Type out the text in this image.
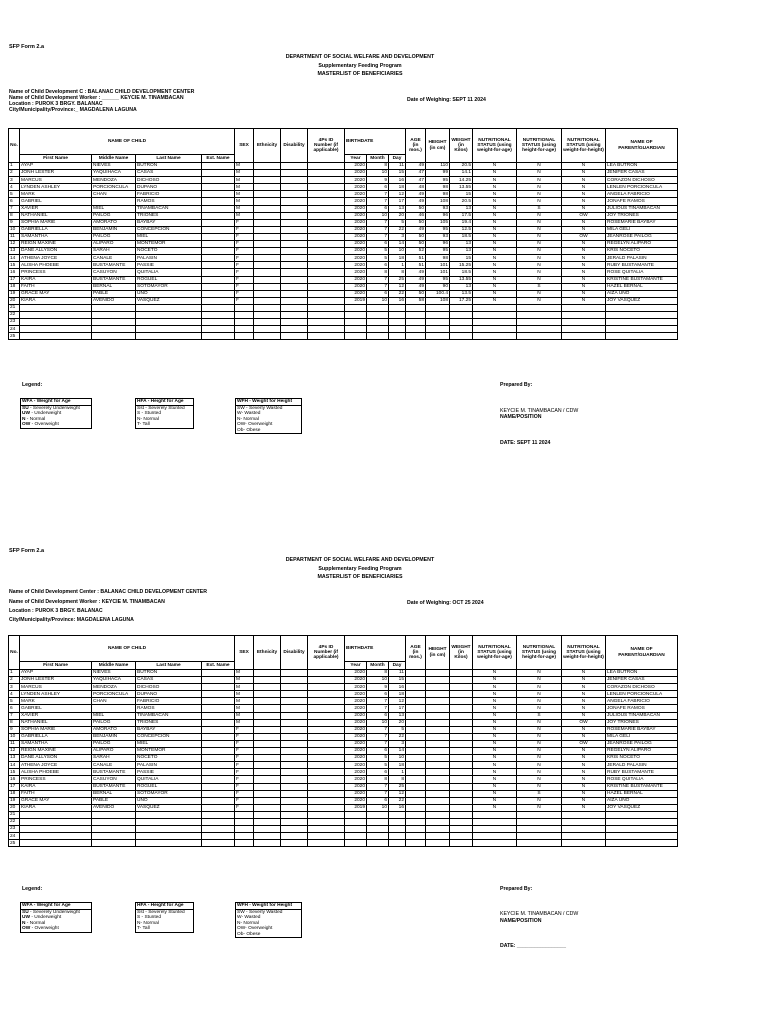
SFP Form 2.a
DEPARTMENT OF SOCIAL WELFARE AND DEVELOPMENT
Supplementary Feeding Program
MASTERLIST OF BENEFICIARIES
Name of Child Development C : BALANAC CHILD DEVELOPMENT CENTER
Name of Child Development Worker : ______ KEYCIE M. TINAMBACAN
Location : PUROK 3 BRGY. BALANAC
City/Municipality/Province:_ MAGDALENA LAGUNA
Date of Weighing: SEPT 11 2024
No.	NAME OF CHILD				SEX	Ethnicity	Disability	4Ps ID Number (if applicable)	BIRTHDATE			AGE (in mos.)	HEIGHT (in cm)	WEIGHT (in Kilos)	NUTRITIONAL STATUS (using weight-for-age)	NUTRITIONAL STATUS (using height-for-age)	NUTRITIONAL STATUS (using weight-for-height)	NAME OF PARENT/GUARDIAN
	First Name	Middle Name	Last Name	Ext. Name					Year	Month	Day							
1	AYAP	NIEVES	BUTRON		M				2020	8	11	49	110	20.5	N	N	N	LEA BUTRON
2	JONH LESTER	YAQUIHACA	CASAS		M				2020	10	15	47	99	14.1	N	N	N	JENIFER CASAS
3	MARCUS	MENDOZA	DICHOSO		M				2020	9	16	47	95	14.25	N	N	N	CORAZON DICHOSO
4	LYNDEN ASHLEY	PORCIONCULA	DUPANO		M				2020	6	18	48	98	13.55	N	N	N	LENLEN PORCIONCULA
5	MARK	CHAN	FABRICIO		M				2020	7	12	49	98	15	N	N	N	ANGELA FABRICIO
6	GABRIEL		RAMOS		M				2020	7	17	49	108	20.5	N	N	N	JONAFE RAMOS
7	XAVIER	MIEL	TINAMBACAN		M				2020	6	13	50	93	13	N	S	N	JULIOUS TINAMBACAN
8	NATHANIEL	PAILOG	TRIONES		M				2020	10	20	46	96	17.5	N	N	OW	JOY TRIONES
9	SOPHIA MARIE	AMORATO	BAYBAY		F				2020	7	5	50	105	19.4	N	N	N	ROSEMARIE BAYBAY
10	GABRIELLA	BENJAMIN	CONCEPCION		F				2020	7	22	49	95	12.5	N	N	N	MILA GELI
11	SAMANTHA	PAILOG	MIEL		F				2020	7	3	50	93	18.5	N	N	OW	JEANROSE PAILOG
12	REIGN MAXINE	ALIPARO	MONTEMOR		F				2020	6	14	50	96	13	N	N	N	REGELYN ALIPARO
13	DANE ALLYSON	SARAH	NOCETO		F				2020	5	10	52	95	13	N	N	N	KRIS NOCETO
14	ATHENA JOYCE	CANALE	PALASIN		F				2020	5	18	51	98	15	N	N	N	JERALD PALASIN
15	ALISHA PHOEBE	BUSTAMANTE	PASSIE		F				2020	6	1	51	101	15.25	N	N	N	RUBY BUSTAMANTE
16	PRINCESS	CASUYON	QUITALIA		F				2020	8	8	49	101	18.5	N	N	N	ROSE QUITALIA
17	KAIRA	BUSTAMANTE	ROGUEL		F				2020	7	25	49	95	13.55	N	N	N	KRISTINE BUSTAMANTE
18	FAITH	BERNAL	SOTOMAYOR		F				2020	7	12	49	90	13	N	S	N	HAZEL BERNAL
19	GRACE MAY	PABLE	UNO		F				2020	6	22	50	100.4	13.5	N	N	N	AIZA UNO
20	KIARA	AVENIDO	VASQUEZ		F				2019	10	16	58	108	17.25	N	N	N	JOY VASQUEZ
21																		
22																		
23																		
24																		
25																		
Legend:
WFA - Weight for Age
SU - Severely Underweight
UW - Underweight
N - Normal
OW - Overweight
HFA - Height for Age
Sst - Severely Stunted
S - Stunted
N- Normal
T- Tall
WFH - Weight for Height
SW - Severly Wasted
W- Wasted
N- Normal
OW- Overweight
Ob- Obese
Prepared By:
KEYCIE M. TINAMBACAN / CDW
NAME/POSITION
DATE: SEPT 11 2024
SFP Form 2.a
DEPARTMENT OF SOCIAL WELFARE AND DEVELOPMENT
Supplementary Feeding Program
MASTERLIST OF BENEFICIARIES
Name of Child Development Center : BALANAC CHILD DEVELOPMENT CENTER
Name of Child Development Worker : KEYCIE M. TINAMBACAN
Location : PUROK 3 BRGY. BALANAC
City/Municipality/Province: MAGDALENA LAGUNA
Date of Weighing: OCT 25 2024
No.	NAME OF CHILD				SEX	Ethnicity	Disability	4Ps ID Number (if applicable)	BIRTHDATE			AGE (in mos.)	HEIGHT (in cm)	WEIGHT (in Kilos)	NUTRITIONAL STATUS (using weight-for-age)	NUTRITIONAL STATUS (using height-for-age)	NUTRITIONAL STATUS (using weight-for-height)	NAME OF PARENT/GUARDIAN
	First Name	Middle Name	Last Name	Ext. Name					Year	Month	Day							
1	AYAP	NIEVES	BUTRON		M				2020	8	11				N	N	N	LEA BUTRON
2	JONH LESTER	YAQUIHACA	CASAS		M				2020	10	15				N	N	N	JENIFER CASAS
3	MARCUS	MENDOZA	DICHOSO		M				2020	9	16				N	N	N	CORAZON DICHOSO
4	LYNDEN ASHLEY	PORCIONCULA	DUPANO		M				2020	6	18				N	N	N	LENLEN PORCIONCULA
5	MARK	CHAN	FABRICIO		M				2020	7	12				N	N	N	ANGELA FABRICIO
6	GABRIEL		RAMOS		M				2020	7	17				N	N	N	JONAFE RAMOS
7	XAVIER	MIEL	TINAMBACAN		M				2020	6	13				N	S	N	JULIOUS TINAMBACAN
8	NATHANIEL	PAILOG	TRIONES		M				2020	10	20				N	N	OW	JOY TRIONES
9	SOPHIA MARIE	AMORATO	BAYBAY		F				2020	7	5				N	N	N	ROSEMARIE BAYBAY
10	GABRIELLA	BENJAMIN	CONCEPCION		F				2020	7	22				N	N	N	MILA GELI
11	SAMANTHA	PAILOG	MIEL		F				2020	7	3				N	N	OW	JEANROSE PAILOG
12	REIGN MAXINE	ALIPARO	MONTEMOR		F				2020	6	14				N	N	N	REGELYN ALIPARO
13	DANE ALLYSON	SARAH	NOCETO		F				2020	5	10				N	N	N	KRIS NOCETO
14	ATHENA JOYCE	CANALE	PALASIN		F				2020	5	18				N	N	N	JERALD PALASIN
15	ALISHA PHOEBE	BUSTAMANTE	PASSIE		F				2020	6	1				N	N	N	RUBY BUSTAMANTE
16	PRINCESS	CASUYON	QUITALIA		F				2020	8	8				N	N	N	ROSE QUITALIA
17	KAIRA	BUSTAMANTE	ROGUEL		F				2020	7	25				N	N	N	KRISTINE BUSTAMANTE
18	FAITH	BERNAL	SOTOMAYOR		F				2020	7	12				N	S	N	HAZEL BERNAL
19	GRACE MAY	PABLE	UNO		F				2020	6	22				N	N	N	AIZA UNO
20	KIARA	AVENIDO	VASQUEZ		F				2019	10	16				N	N	N	JOY VASQUEZ
21																		
22																		
23																		
24																		
25																		
Legend:
WFA - Weight for Age
SU - Severely Underweight
UW - Underweight
N - Normal
OW - Overweight
HFA - Height for Age
Sst - Severely Stunted
S - Stunted
N- Normal
T- Tall
WFH - Weight for Height
SW - Severly Wasted
W- Wasted
N- Normal
OW- Overweight
Ob- Obese
Prepared By:
KEYCIE M. TINAMBACAN / CDW
NAME/POSITION
DATE: _________________
